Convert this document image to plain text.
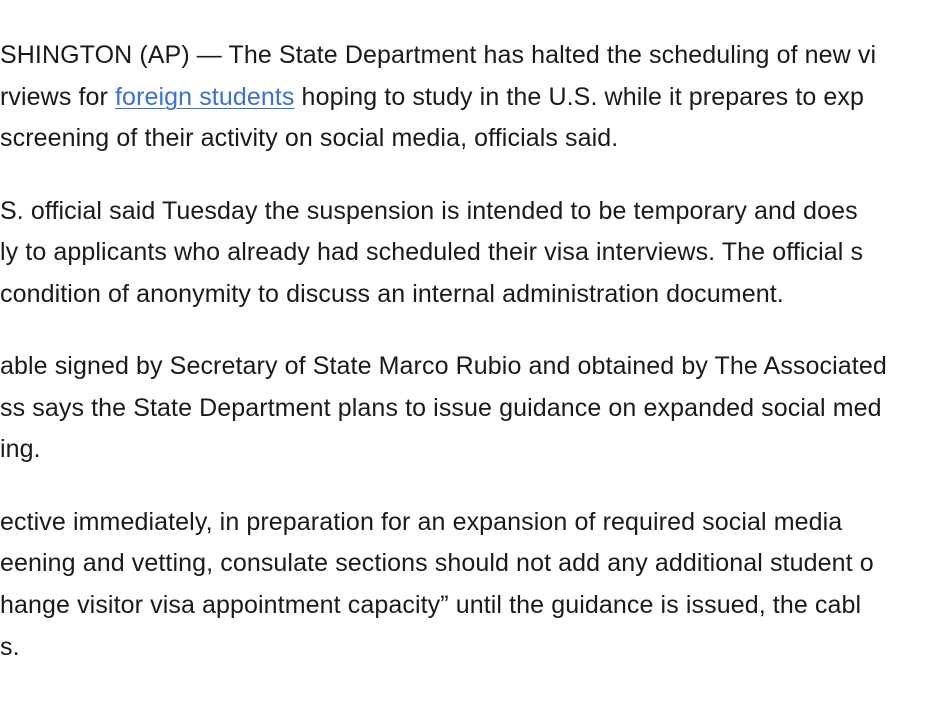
SHINGTON (AP) — The State Department has halted the scheduling of new vi
rviews for foreign students hoping to study in the U.S. while it prepares to exp
screening of their activity on social media, officials said.
S. official said Tuesday the suspension is intended to be temporary and does
ly to applicants who already had scheduled their visa interviews. The official s
condition of anonymity to discuss an internal administration document.
able signed by Secretary of State Marco Rubio and obtained by The Associated
ss says the State Department plans to issue guidance on expanded social med
ing.
ective immediately, in preparation for an expansion of required social media
eening and vetting, consulate sections should not add any additional student o
hange visitor visa appointment capacity” until the guidance is issued, the cabl
s.
